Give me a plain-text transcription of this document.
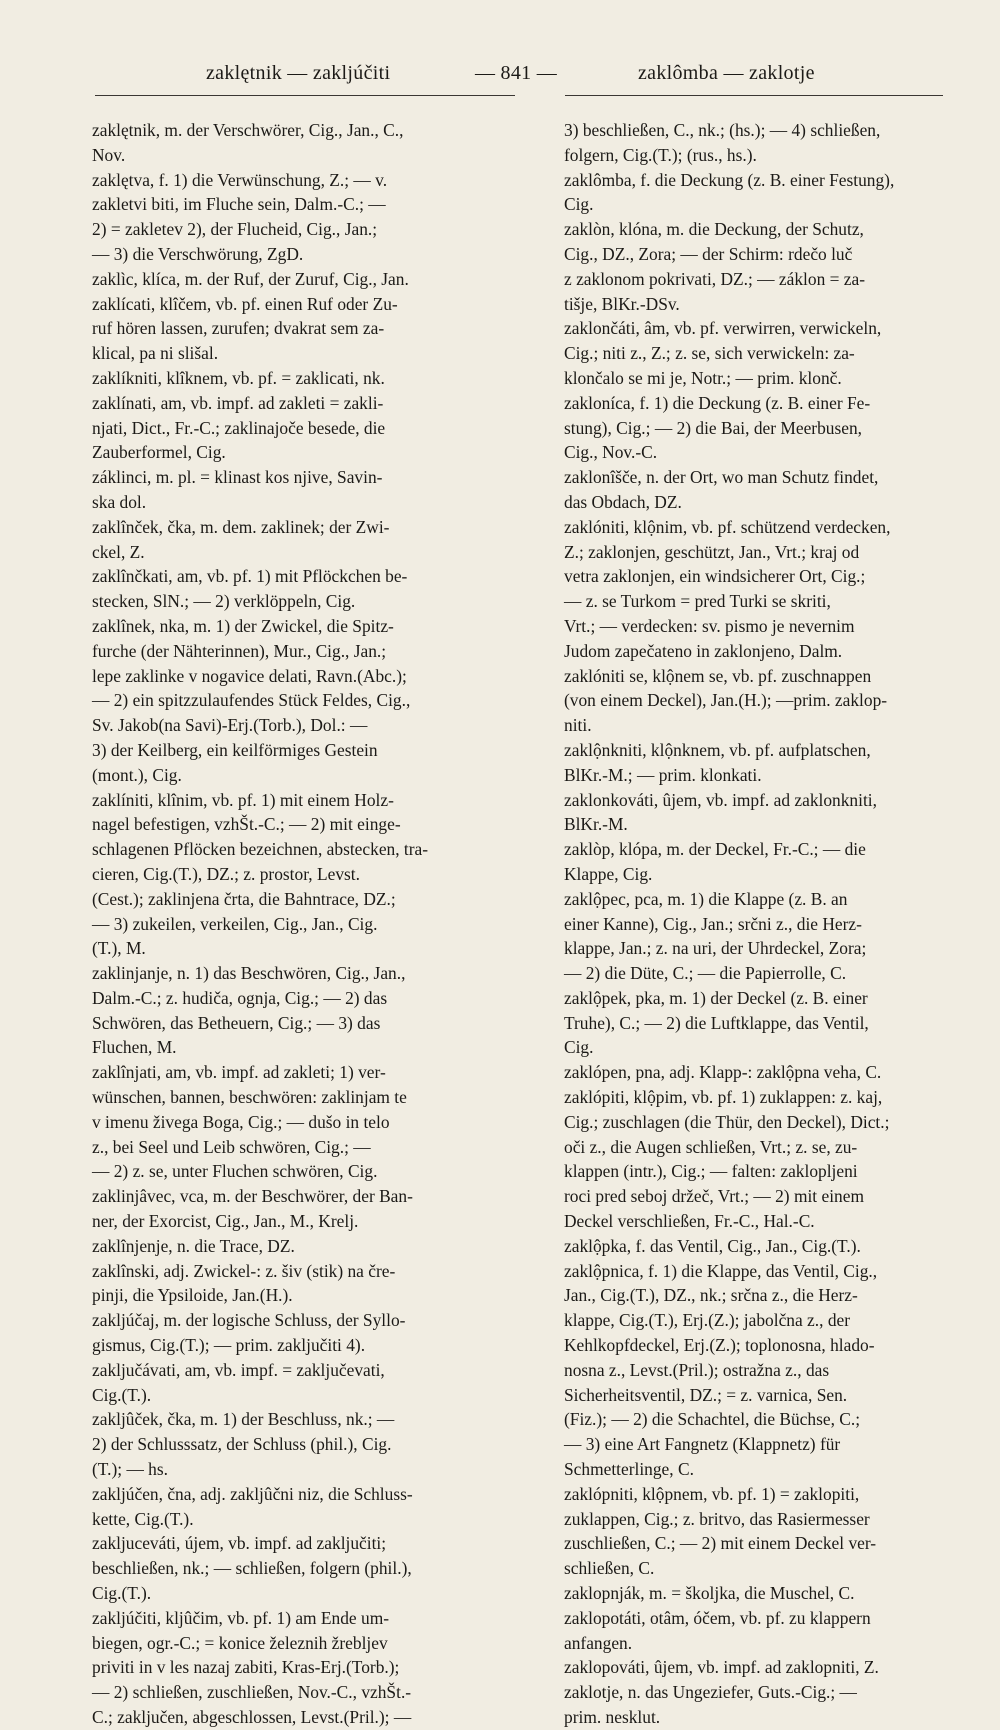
zaklętnik — zaklјúčiti	— 841 —	zaklômba — zaklotje
zaklętnik, m. der Verschwörer, Cig., Jan., C.,
Nov.
zaklętva, f. 1) die Verwünschung, Z.; — v.
zakletvi biti, im Fluche sein, Dalm.-C.; —
2) = zakletev 2), der Fluchеid, Cig., Jan.;
— 3) die Verschwörung, ZgD.
zaklìc, klíca, m. der Ruf, der Zuruf, Cig., Jan.
zaklícati, klîčem, vb. pf. einen Ruf oder Zu-
ruf hören lassen, zurufen; dvakrat sem za-
klical, pa ni slišal.
zaklíkniti, klîknem, vb. pf. = zaklicati, nk.
zaklínati, am, vb. impf. ad zakleti = zakli-
njati, Dict., Fr.-C.; zaklinajoče besede, die
Zauberformel, Cig.
záklinci, m. pl. = klinast kos njive, Savin-
ska dol.
zaklînček, čka, m. dem. zaklinek; der Zwi-
ckel, Z.
zaklînčkati, am, vb. pf. 1) mit Pflöckchen be-
stecken, SlN.; — 2) verklöppeln, Cig.
zaklînek, nka, m. 1) der Zwickel, die Spitz-
furche (der Nähterinnen), Mur., Cig., Jan.;
lepe zaklinke v nogavice delati, Ravn.(Abc.);
— 2) ein spitzzulaufendes Stück Feldes, Cig.,
Sv. Jakob(na Savi)-Erj.(Torb.), Dol.: —
3) der Keilberg, ein keilförmiges Gestein
(mont.), Cig.
zaklíniti, klînim, vb. pf. 1) mit einem Holz-
nagel befestigen, vzhŠt.-C.; — 2) mit einge-
schlagenen Pflöcken bezeichnen, abstecken, tra-
cieren, Cig.(T.), DZ.; z. prostor, Levst.
(Cest.); zaklinjena črta, die Bahntrace, DZ.;
— 3) zukeilen, verkeilen, Cig., Jan., Cig.
(T.), M.
zaklinjanje, n. 1) das Beschwören, Cig., Jan.,
Dalm.-C.; z. hudiča, ognja, Cig.; — 2) das
Schwören, das Betheuern, Cig.; — 3) das
Fluchen, M.
zaklînjati, am, vb. impf. ad zakleti; 1) ver-
wünschen, bannen, beschwören: zaklinjam te
v imenu živega Boga, Cig.; — dušo in telo
z., bei Seel und Leib schwören, Cig.; —
— 2) z. se, unter Fluchen schwören, Cig.
zaklinjâvec, vca, m. der Beschwörer, der Ban-
ner, der Exorcist, Cig., Jan., M., Krelj.
zaklînjenje, n. die Trace, DZ.
zaklînski, adj. Zwickel-: z. šiv (stik) na čre-
pinji, die Ypsiloide, Jan.(H.).
zakljúčaj, m. der logische Schluss, der Syllo-
gismus, Cig.(T.); — prim. zaklјučiti 4).
zaključávati, am, vb. impf. = zaklјučevati,
Cig.(T.).
zakljûček, čka, m. 1) der Beschluss, nk.; —
2) der Schlusssatz, der Schluss (phil.), Cig.
(T.); — hs.
zakljúčen, čna, adj. zaklјûčni niz, die Schluss-
kette, Cig.(T.).
zakljucеváti, újem, vb. impf. ad zaklјučiti;
beschließen, nk.; — schließen, folgern (phil.),
Cig.(T.).
zakljúčiti, kljûčim, vb. pf. 1) am Ende um-
biegen, ogr.-C.; = konice železnih žrebljev
priviti in v les nazaj zabiti, Kras-Erj.(Torb.);
— 2) schließen, zuschließen, Nov.-C., vzhŠt.-
C.; zaklјučen, abgeschlossen, Levst.(Pril.); —
3) beschließen, C., nk.; (hs.); — 4) schließen,
folgern, Cig.(T.); (rus., hs.).
zaklômba, f. die Deckung (z. B. einer Festung),
Cig.
zaklòn, klóna, m. die Deckung, der Schutz,
Cig., DZ., Zora; — der Schirm: rdečo luč
z zaklonom pokrivati, DZ.; — záklon = za-
tišje, BlKr.-DSv.
zaklončáti, âm, vb. pf. verwirren, verwickeln,
Cig.; niti z., Z.; z. se, sich verwickeln: za-
klončalo se mi je, Notr.; — prim. klonč.
zakloníca, f. 1) die Deckung (z. B. einer Fe-
stung), Cig.; — 2) die Bai, der Meerbusen,
Cig., Nov.-C.
zaklonîšče, n. der Ort, wo man Schutz findet,
das Obdach, DZ.
zaklóniti, klộnim, vb. pf. schützend verdecken,
Z.; zaklonjen, geschützt, Jan., Vrt.; kraj od
vetra zaklonjen, ein windsicherer Ort, Cig.;
— z. se Turkom = pred Turki se skriti,
Vrt.; — verdecken: sv. pismo je nevernim
Judom zapečateno in zaklonjeno, Dalm.
zaklóniti se, klộnem se, vb. pf. zuschnappen
(von einem Deckel), Jan.(H.); —prim. zaklop-
niti.
zaklộnkniti, klộnknem, vb. pf. aufplatschen,
BlKr.-M.; — prim. klonkati.
zaklonkováti, ûjem, vb. impf. ad zaklonkniti,
BlKr.-M.
zaklòp, klópa, m. der Deckel, Fr.-C.; — die
Klappe, Cig.
zaklộpec, pca, m. 1) die Klappe (z. B. an
einer Kanne), Cig., Jan.; srčni z., die Herz-
klappe, Jan.; z. na uri, der Uhrdeckel, Zora;
— 2) die Düte, C.; — die Papierrolle, C.
zaklộpek, pka, m. 1) der Deckel (z. B. einer
Truhe), C.; — 2) die Luftklappe, das Ventil,
Cig.
zaklópen, pna, adj. Klapp-: zaklộpna veha, C.
zaklópiti, klộpim, vb. pf. 1) zuklappen: z. kaj,
Cig.; zuschlagen (die Thür, den Deckel), Dict.;
oči z., die Augen schließen, Vrt.; z. se, zu-
klappen (intr.), Cig.; — falten: zaklopljeni
roci pred seboj držeč, Vrt.; — 2) mit einem
Deckel verschließen, Fr.-C., Hal.-C.
zaklộpka, f. das Ventil, Cig., Jan., Cig.(T.).
zaklộpnica, f. 1) die Klappe, das Ventil, Cig.,
Jan., Cig.(T.), DZ., nk.; srčna z., die Herz-
klappe, Cig.(T.), Erj.(Z.); jabolčna z., der
Kehlkopfdeckel, Erj.(Z.); toplonosna, hlado-
nosna z., Levst.(Pril.); ostražna z., das
Sicherheitsventil, DZ.; = z. varnica, Sen.
(Fiz.); — 2) die Schachtel, die Büchse, C.;
— 3) eine Art Fangnetz (Klappnetz) für
Schmetterlinge, C.
zaklópniti, klộpnem, vb. pf. 1) = zaklopiti,
zuklappen, Cig.; z. britvo, das Rasiermesser
zuschließen, C.; — 2) mit einem Deckel ver-
schließen, C.
zaklopnják, m. = školjka, die Muschel, C.
zaklopotáti, otâm, óčem, vb. pf. zu klappern
anfangen.
zaklopováti, ûjem, vb. impf. ad zaklopniti, Z.
zaklotje, n. das Ungeziefer, Guts.-Cig.; —
prim. nesklut.
